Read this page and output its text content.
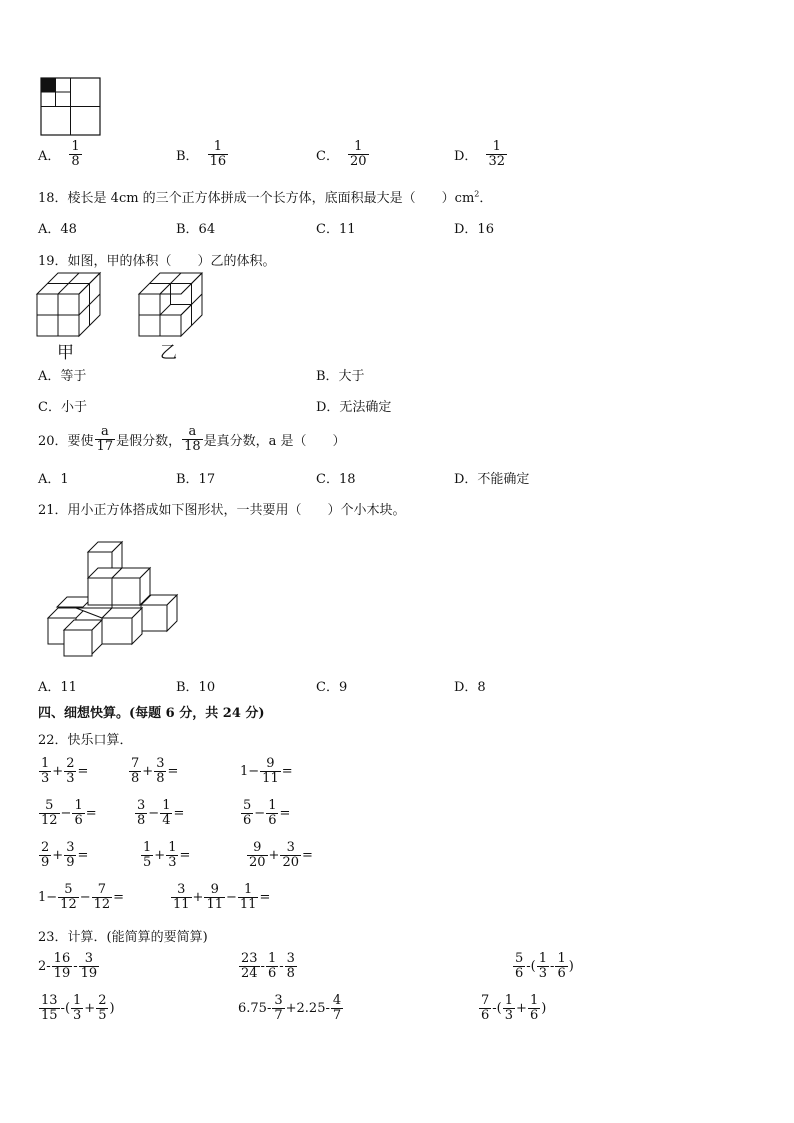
A． $\frac{1}{8}$	B． $\frac{1}{16}$	C． $\frac{1}{20}$	D． $\frac{1}{32}$
18．棱长是 4cm 的三个正方体拼成一个长方体，底面积最大是（　　）$cm^2$．
A．48	B．64	C．11	D．16
19．如图，甲的体积（　　）乙的体积。
甲	乙
A．等于	B．大于
C．小于	D．无法确定
20．要使 $\frac{a}{17}$ 是假分数， $\frac{a}{18}$ 是真分数，a 是（　　）
A．1	B．17	C．18	D．不能确定
21．用小正方体搭成如下图形状，一共要用（　　）个小木块。
A．11	B．10	C．9	D．8
四、细想快算。(每题 6 分，共 24 分)
22．快乐口算．
$\frac{1}{3} + \frac{2}{3}$ =	$\frac{7}{8} + \frac{3}{8}$ =	$1- \frac{9}{11}$ =
$\frac{5}{12} - \frac{1}{6}$ =	$\frac{3}{8} - \frac{1}{4}$ =	$\frac{5}{6} - \frac{1}{6}$ =
$\frac{2}{9} + \frac{3}{9}$ =	$\frac{1}{5} + \frac{1}{3}$ =	$\frac{9}{20} + \frac{3}{20}$ =
$1- \frac{5}{12} - \frac{7}{12}$ =	$\frac{3}{11} + \frac{9}{11} - \frac{1}{11}$ =
23．计算．(能简算的要简算)
$2- \frac{16}{19} - \frac{3}{19}$	$\frac{23}{24} - \frac{1}{6} - \frac{3}{8}$	$\frac{5}{6}$ -( $\frac{1}{3} - \frac{1}{6}$ )
$\frac{13}{15}$ -( $\frac{1}{3} + \frac{2}{5}$ )	$6.75- \frac{3}{7} +2.25- \frac{4}{7}$	$\frac{7}{6}$ -( $\frac{1}{3} + \frac{1}{6}$ )
